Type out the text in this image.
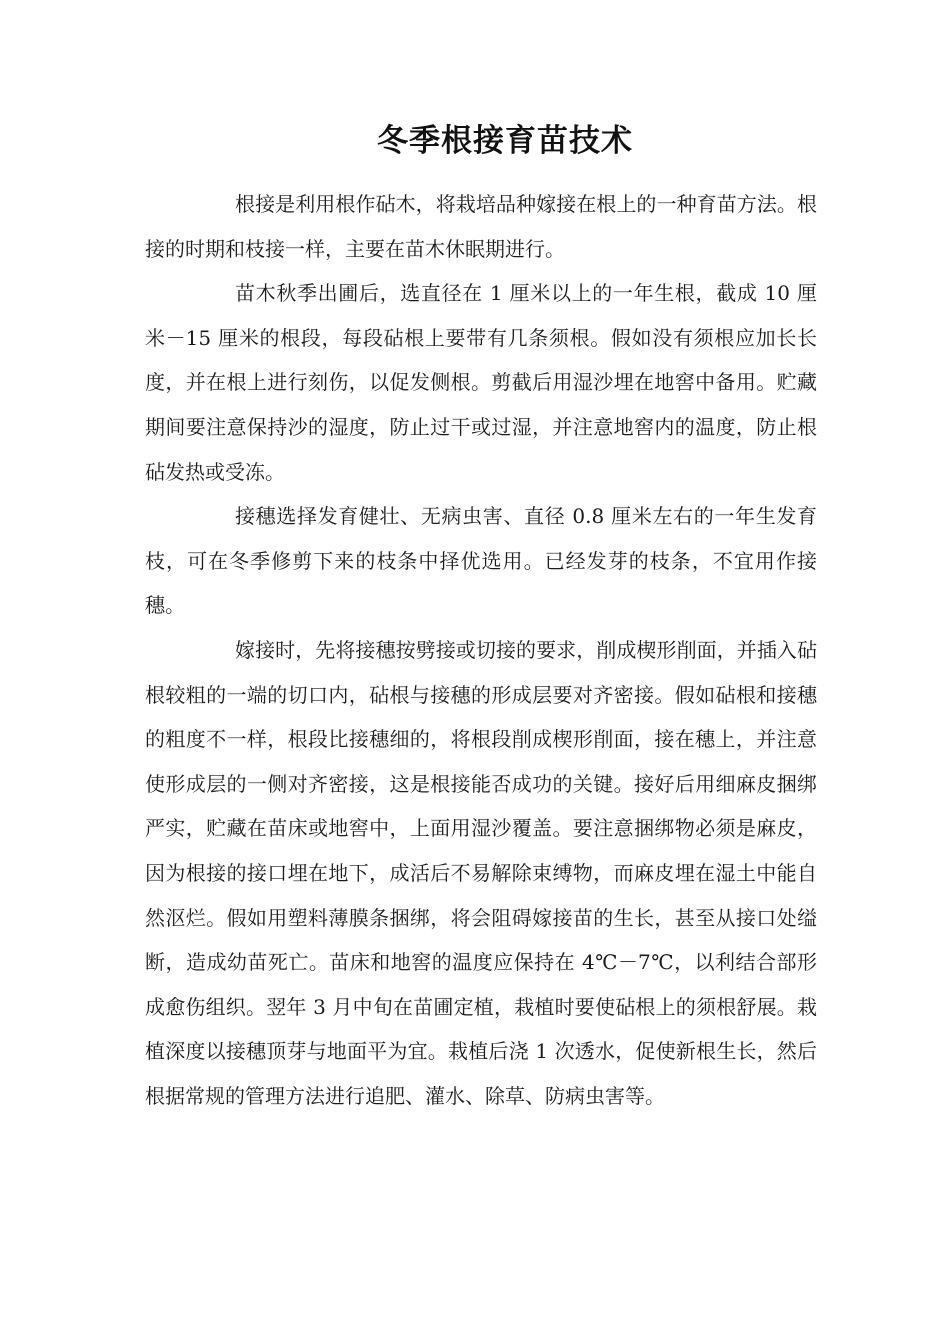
冬季根接育苗技术

根接是利用根作砧木，将栽培品种嫁接在根上的一种育苗方法。根接的时期和枝接一样，主要在苗木休眠期进行。

苗木秋季出圃后，选直径在 1 厘米以上的一年生根，截成 10 厘米－15 厘米的根段，每段砧根上要带有几条须根。假如没有须根应加长长度，并在根上进行刻伤，以促发侧根。剪截后用湿沙埋在地窖中备用。贮藏期间要注意保持沙的湿度，防止过干或过湿，并注意地窖内的温度，防止根砧发热或受冻。

接穗选择发育健壮、无病虫害、直径 0.8 厘米左右的一年生发育枝，可在冬季修剪下来的枝条中择优选用。已经发芽的枝条，不宜用作接穗。

嫁接时，先将接穗按劈接或切接的要求，削成楔形削面，并插入砧根较粗的一端的切口内，砧根与接穗的形成层要对齐密接。假如砧根和接穗的粗度不一样，根段比接穗细的，将根段削成楔形削面，接在穗上，并注意使形成层的一侧对齐密接，这是根接能否成功的关键。接好后用细麻皮捆绑严实，贮藏在苗床或地窖中，上面用湿沙覆盖。要注意捆绑物必须是麻皮，因为根接的接口埋在地下，成活后不易解除束缚物，而麻皮埋在湿土中能自然沤烂。假如用塑料薄膜条捆绑，将会阻碍嫁接苗的生长，甚至从接口处缢断，造成幼苗死亡。苗床和地窖的温度应保持在 4℃－7℃，以利结合部形成愈伤组织。翌年 3 月中旬在苗圃定植，栽植时要使砧根上的须根舒展。栽植深度以接穗顶芽与地面平为宜。栽植后浇 1 次透水，促使新根生长，然后根据常规的管理方法进行追肥、灌水、除草、防病虫害等。
